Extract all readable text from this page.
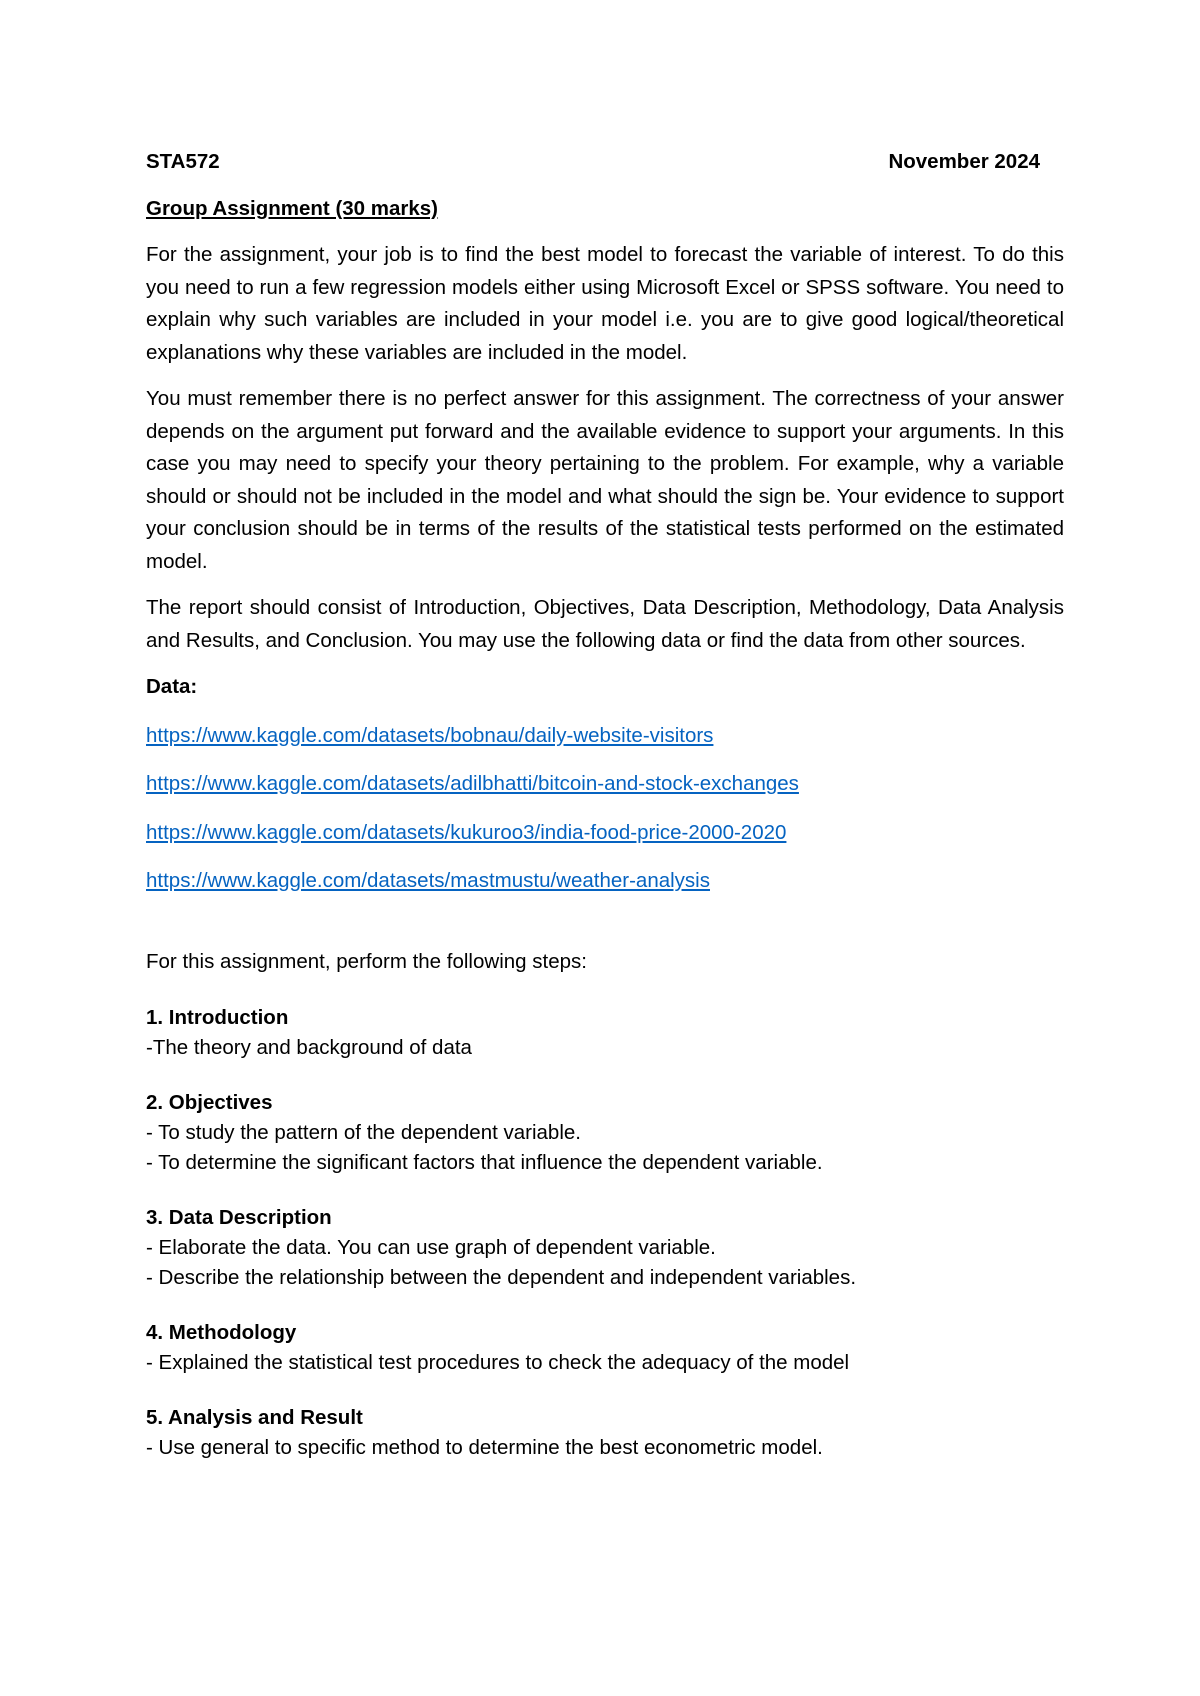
STA572	November 2024
Group Assignment (30 marks)

For the assignment, your job is to find the best model to forecast the variable of interest. To do this you need to run a few regression models either using Microsoft Excel or SPSS software. You need to explain why such variables are included in your model i.e. you are to give good logical/theoretical explanations why these variables are included in the model.

You must remember there is no perfect answer for this assignment. The correctness of your answer depends on the argument put forward and the available evidence to support your arguments. In this case you may need to specify your theory pertaining to the problem. For example, why a variable should or should not be included in the model and what should the sign be. Your evidence to support your conclusion should be in terms of the results of the statistical tests performed on the estimated model.

The report should consist of Introduction, Objectives, Data Description, Methodology, Data Analysis and Results, and Conclusion. You may use the following data or find the data from other sources.

Data:
https://www.kaggle.com/datasets/bobnau/daily-website-visitors
https://www.kaggle.com/datasets/adilbhatti/bitcoin-and-stock-exchanges
https://www.kaggle.com/datasets/kukuroo3/india-food-price-2000-2020
https://www.kaggle.com/datasets/mastmustu/weather-analysis
For this assignment, perform the following steps:
1. Introduction
-The theory and background of data
2. Objectives
- To study the pattern of the dependent variable.
- To determine the significant factors that influence the dependent variable.
3. Data Description
- Elaborate the data. You can use graph of dependent variable.
- Describe the relationship between the dependent and independent variables.
4. Methodology
- Explained the statistical test procedures to check the adequacy of the model
5. Analysis and Result
- Use general to specific method to determine the best econometric model.
